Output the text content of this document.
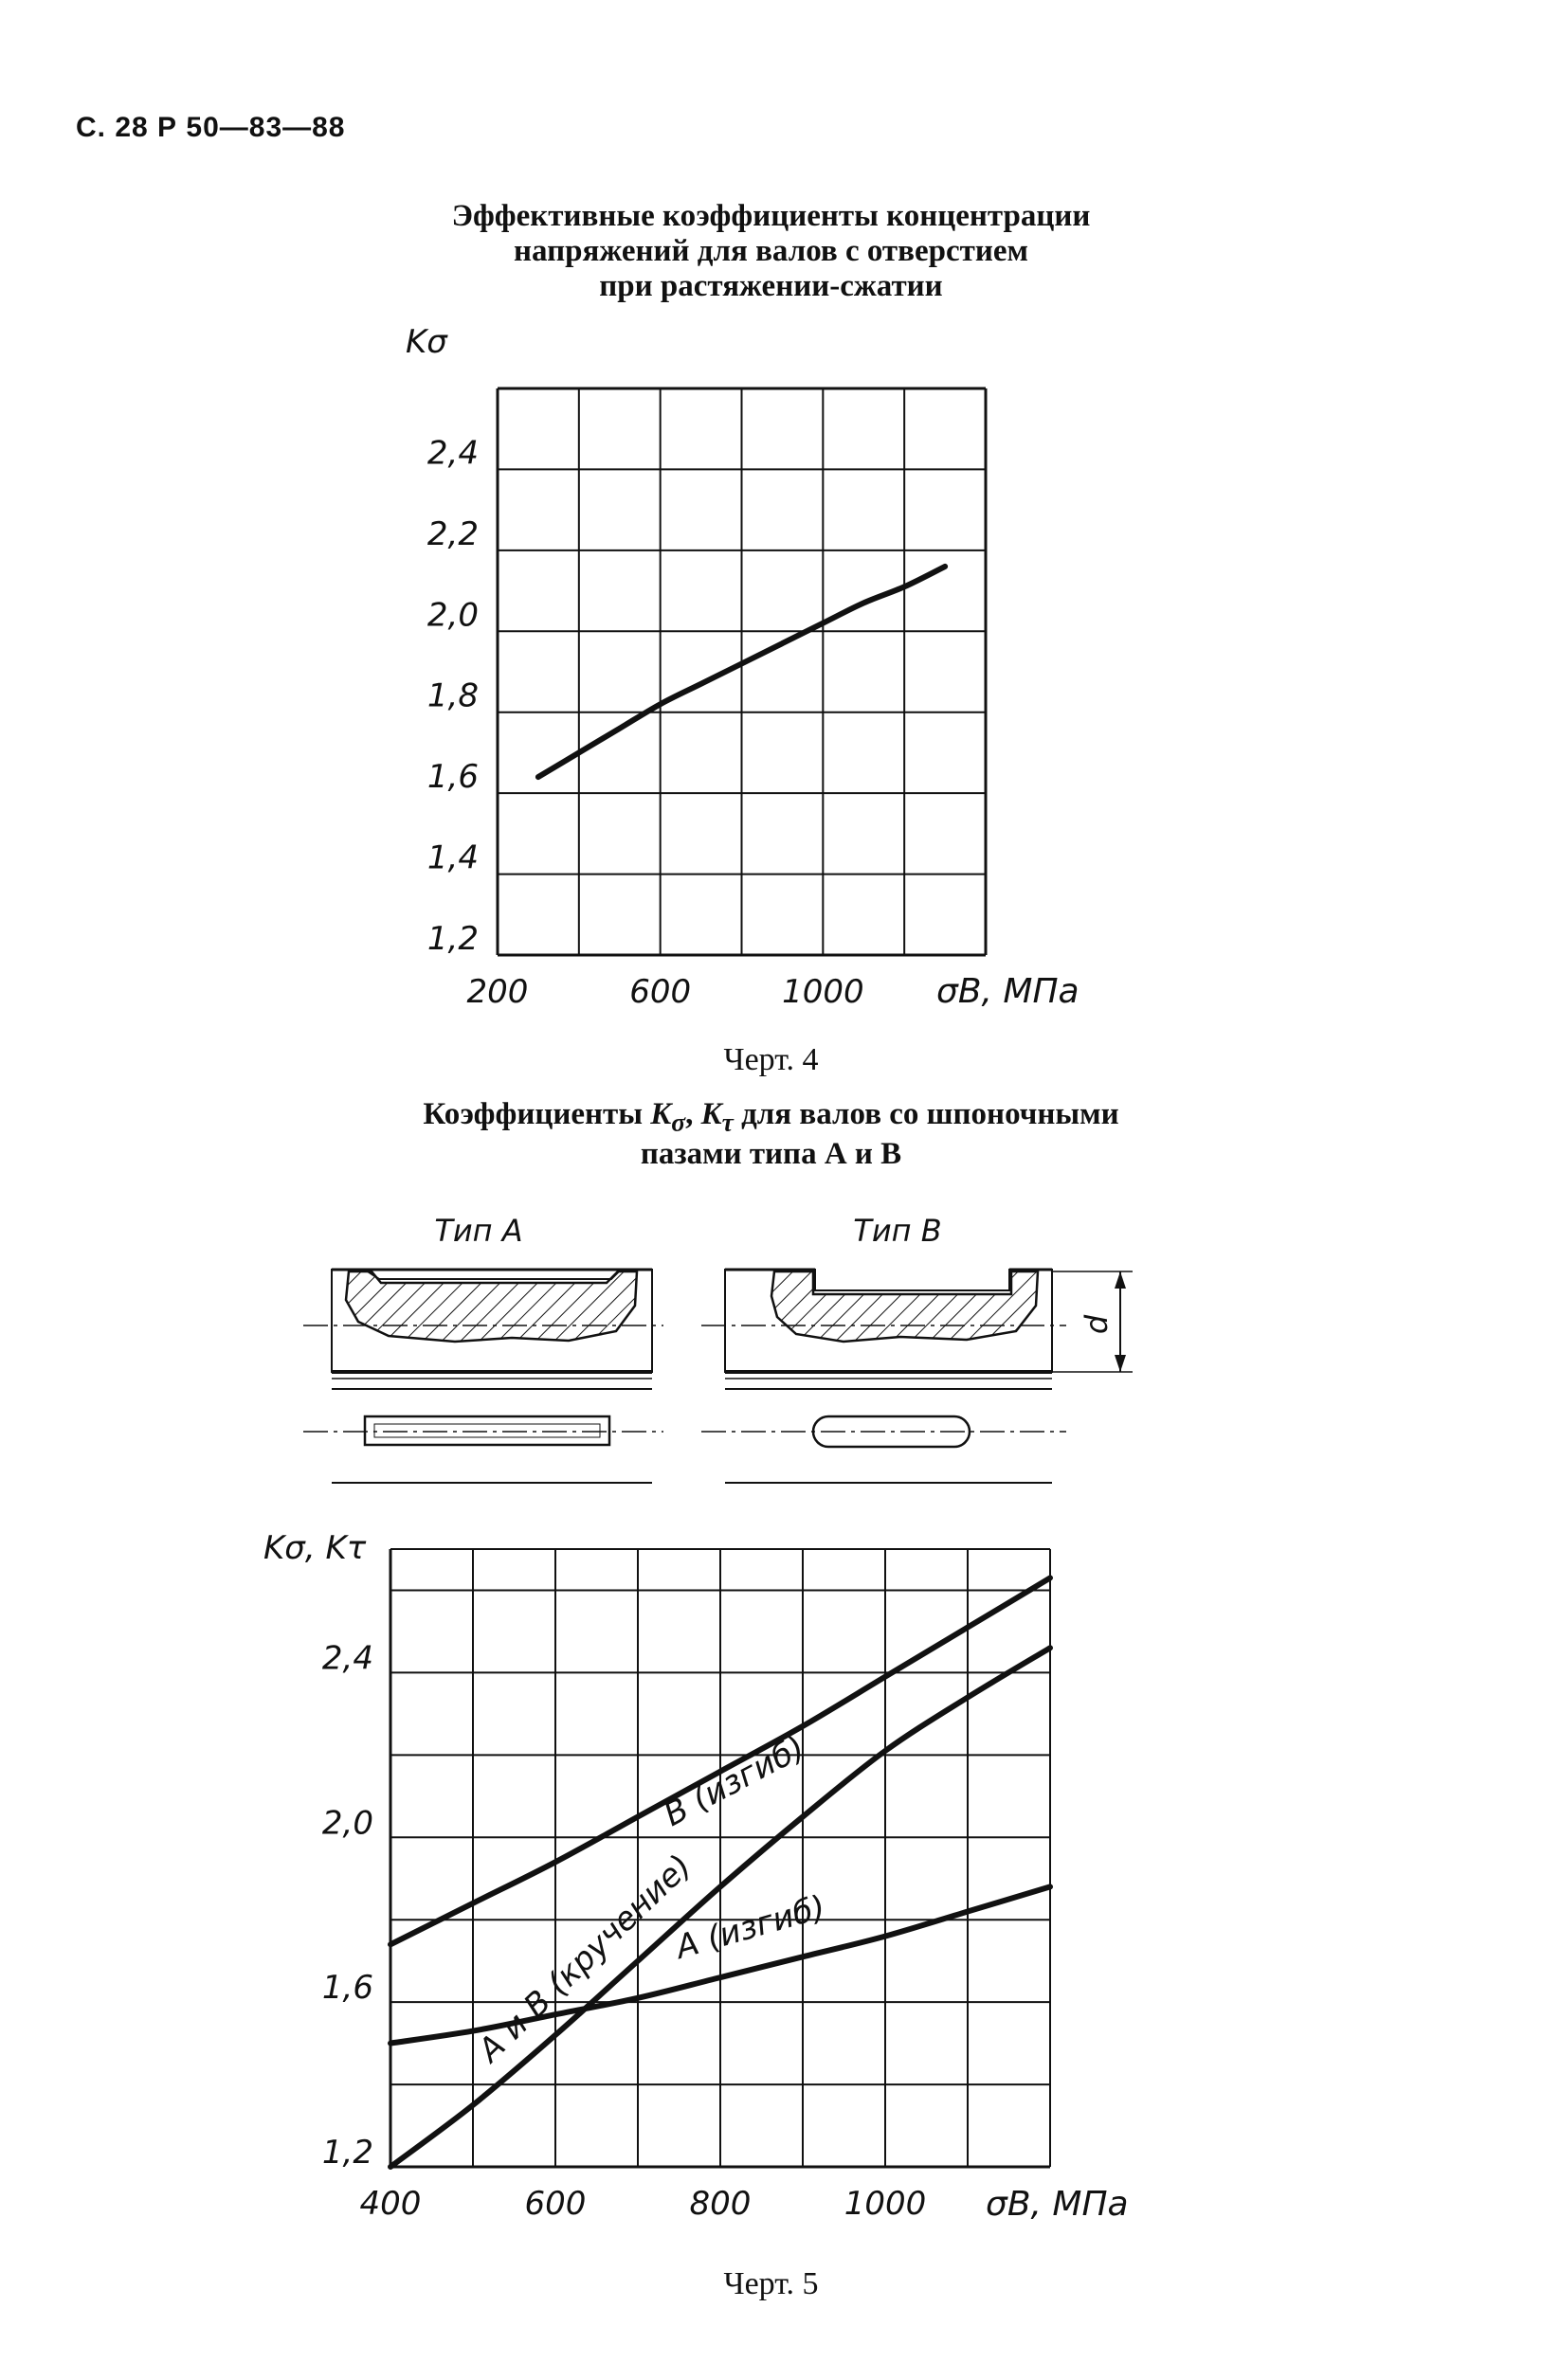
С. 28 Р 50—83—88
Эффективные коэффициенты концентрации
напряжений для валов с отверстием
при растяжении-сжатии
2,4
2,2
2,0
1,8
1,6
1,4
1,2
200	600	1000
Kσ
σB, МПа
Черт. 4
Коэффициенты $K_\sigma$, $K_\tau$ для валов со шпоночными
пазами типа А и В
Тип А	Тип В
d
2,4
2,0
1,6
1,2
400	600	800	1000
Kσ, Kτ
σB, МПа
В (изгиб)
А и В (кручение)
А (изгиб)
Черт. 5
